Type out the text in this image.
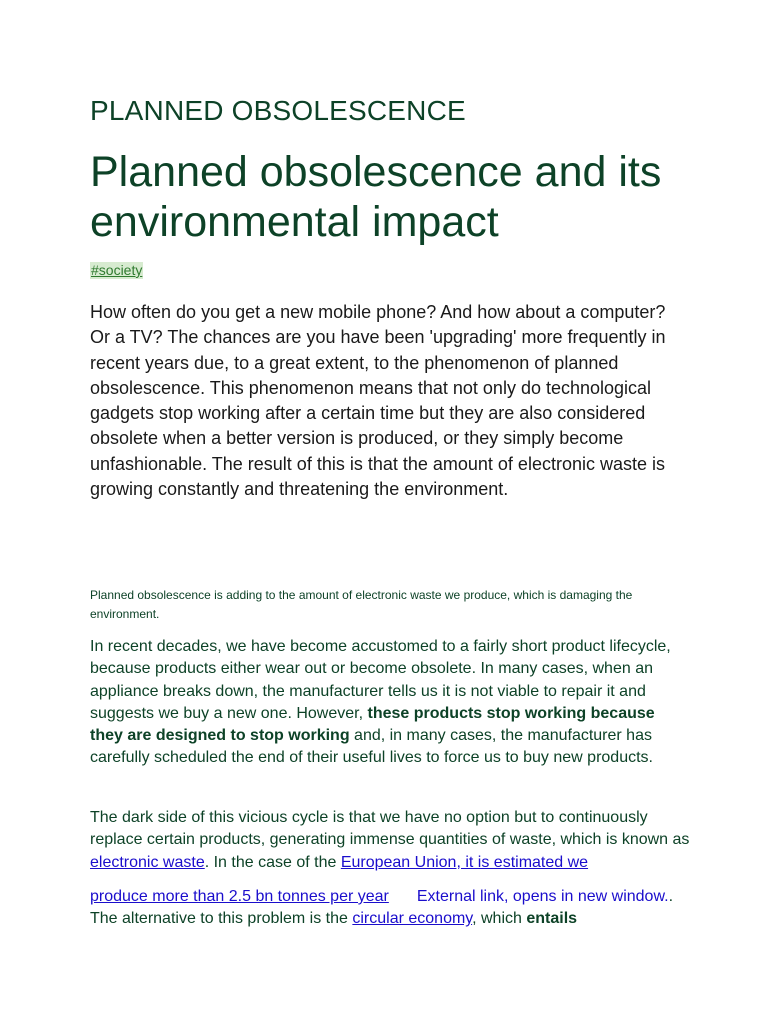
PLANNED OBSOLESCENCE
Planned obsolescence and its environmental impact
#society

How often do you get a new mobile phone? And how about a computer? Or a TV? The chances are you have been 'upgrading' more frequently in recent years due, to a great extent, to the phenomenon of planned obsolescence. This phenomenon means that not only do technological gadgets stop working after a certain time but they are also considered obsolete when a better version is produced, or they simply become unfashionable. The result of this is that the amount of electronic waste is growing constantly and threatening the environment.

Planned obsolescence is adding to the amount of electronic waste we produce, which is damaging the environment.

In recent decades, we have become accustomed to a fairly short product lifecycle, because products either wear out or become obsolete. In many cases, when an appliance breaks down, the manufacturer tells us it is not viable to repair it and suggests we buy a new one. However, these products stop working because they are designed to stop working and, in many cases, the manufacturer has carefully scheduled the end of their useful lives to force us to buy new products.

The dark side of this vicious cycle is that we have no option but to continuously replace certain products, generating immense quantities of waste, which is known as electronic waste. In the case of the European Union, it is estimated we

produce more than 2.5 bn tonnes per year External link, opens in new window.. The alternative to this problem is the circular economy, which entails
